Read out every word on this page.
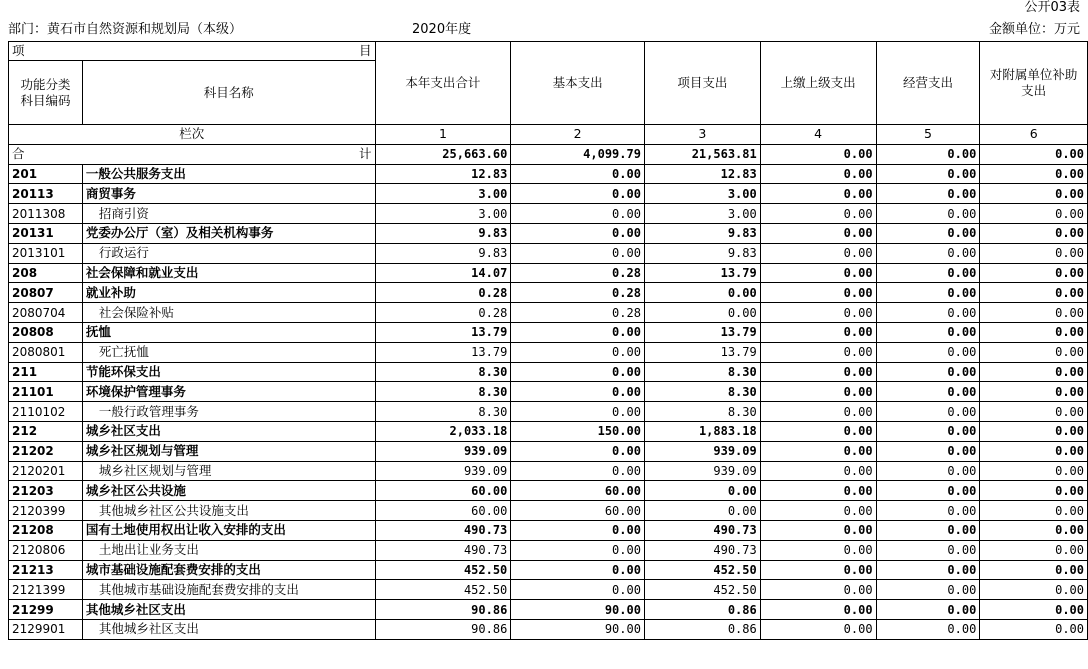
公开03表
部门：黄石市自然资源和规划局（本级）	2020年度	金额单位：万元
项 目		本年支出合计	基本支出	项目支出	上缴上级支出	经营支出	对附属单位补助
支出
功能分类
科目编码	科目名称						
栏次		1	2	3	4	5	6

合 计		25,663.60	4,099.79	21,563.81	0.00	0.00	0.00
201	一般公共服务支出	12.83	0.00	12.83	0.00	0.00	0.00
20113	商贸事务	3.00	0.00	3.00	0.00	0.00	0.00
2011308	招商引资	3.00	0.00	3.00	0.00	0.00	0.00
20131	党委办公厅（室）及相关机构事务	9.83	0.00	9.83	0.00	0.00	0.00
2013101	行政运行	9.83	0.00	9.83	0.00	0.00	0.00
208	社会保障和就业支出	14.07	0.28	13.79	0.00	0.00	0.00
20807	就业补助	0.28	0.28	0.00	0.00	0.00	0.00
2080704	社会保险补贴	0.28	0.28	0.00	0.00	0.00	0.00
20808	抚恤	13.79	0.00	13.79	0.00	0.00	0.00
2080801	死亡抚恤	13.79	0.00	13.79	0.00	0.00	0.00
211	节能环保支出	8.30	0.00	8.30	0.00	0.00	0.00
21101	环境保护管理事务	8.30	0.00	8.30	0.00	0.00	0.00
2110102	一般行政管理事务	8.30	0.00	8.30	0.00	0.00	0.00
212	城乡社区支出	2,033.18	150.00	1,883.18	0.00	0.00	0.00
21202	城乡社区规划与管理	939.09	0.00	939.09	0.00	0.00	0.00
2120201	城乡社区规划与管理	939.09	0.00	939.09	0.00	0.00	0.00
21203	城乡社区公共设施	60.00	60.00	0.00	0.00	0.00	0.00
2120399	其他城乡社区公共设施支出	60.00	60.00	0.00	0.00	0.00	0.00
21208	国有土地使用权出让收入安排的支出	490.73	0.00	490.73	0.00	0.00	0.00
2120806	土地出让业务支出	490.73	0.00	490.73	0.00	0.00	0.00
21213	城市基础设施配套费安排的支出	452.50	0.00	452.50	0.00	0.00	0.00
2121399	其他城市基础设施配套费安排的支出	452.50	0.00	452.50	0.00	0.00	0.00
21299	其他城乡社区支出	90.86	90.00	0.86	0.00	0.00	0.00
2129901	其他城乡社区支出	90.86	90.00	0.86	0.00	0.00	0.00
